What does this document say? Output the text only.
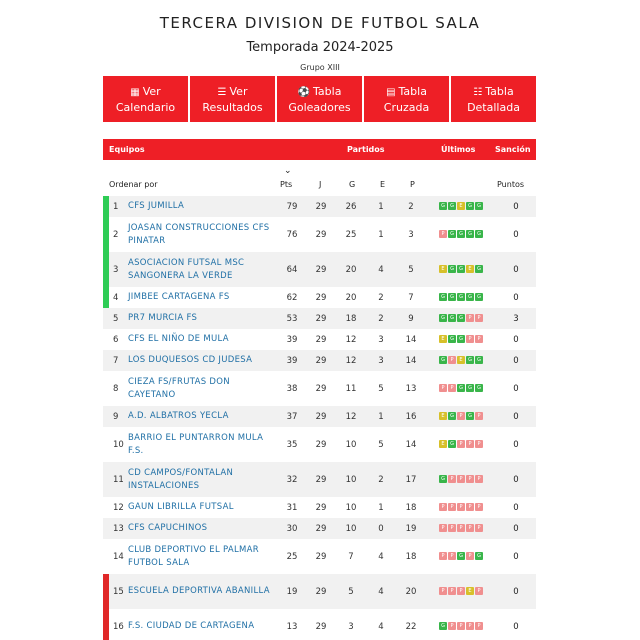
TERCERA DIVISION DE FUTBOL SALA
Temporada 2024-2025
Grupo XIII
▦ Ver
Calendario
☰ Ver
Resultados
⚽ Tabla
Goleadores
▤ Tabla
Cruzada
☷ Tabla
Detallada
Equipos	Partidos	Últimos Sanción
⌄
Ordenar por	Pts	J	G	E	P	Puntos
	1	CFS JUMILLA	79	29	26	1	2	G G E G G	0
	2	JOASAN CONSTRUCCIONES CFS PINATAR	76	29	25	1	3	P G G G G	0
	3	ASOCIACION FUTSAL MSC SANGONERA LA VERDE	64	29	20	4	5	E G G E G	0
	4	JIMBEE CARTAGENA FS	62	29	20	2	7	G G G G G	0
	5	PR7 MURCIA FS	53	29	18	2	9	G G G P P	3
	6	CFS EL NIÑO DE MULA	39	29	12	3	14	E G G P P	0
	7	LOS DUQUESOS CD JUDESA	39	29	12	3	14	G P E G G	0
	8	CIEZA FS/FRUTAS DON CAYETANO	38	29	11	5	13	P P G G G	0
	9	A.D. ALBATROS YECLA	37	29	12	1	16	E G P G P	0
	10	BARRIO EL PUNTARRON MULA F.S.	35	29	10	5	14	E G P P P	0
	11	CD CAMPOS/FONTALAN INSTALACIONES	32	29	10	2	17	G P P P P	0
	12	GAUN LIBRILLA FUTSAL	31	29	10	1	18	P P P P P	0
	13	CFS CAPUCHINOS	30	29	10	0	19	P P P P P	0
	14	CLUB DEPORTIVO EL PALMAR FUTBOL SALA	25	29	7	4	18	P P G P G	0
	15	ESCUELA DEPORTIVA ABANILLA	19	29	5	4	20	P P P E P	0
	16	F.S. CIUDAD DE CARTAGENA	13	29	3	4	22	G P P P P	0
